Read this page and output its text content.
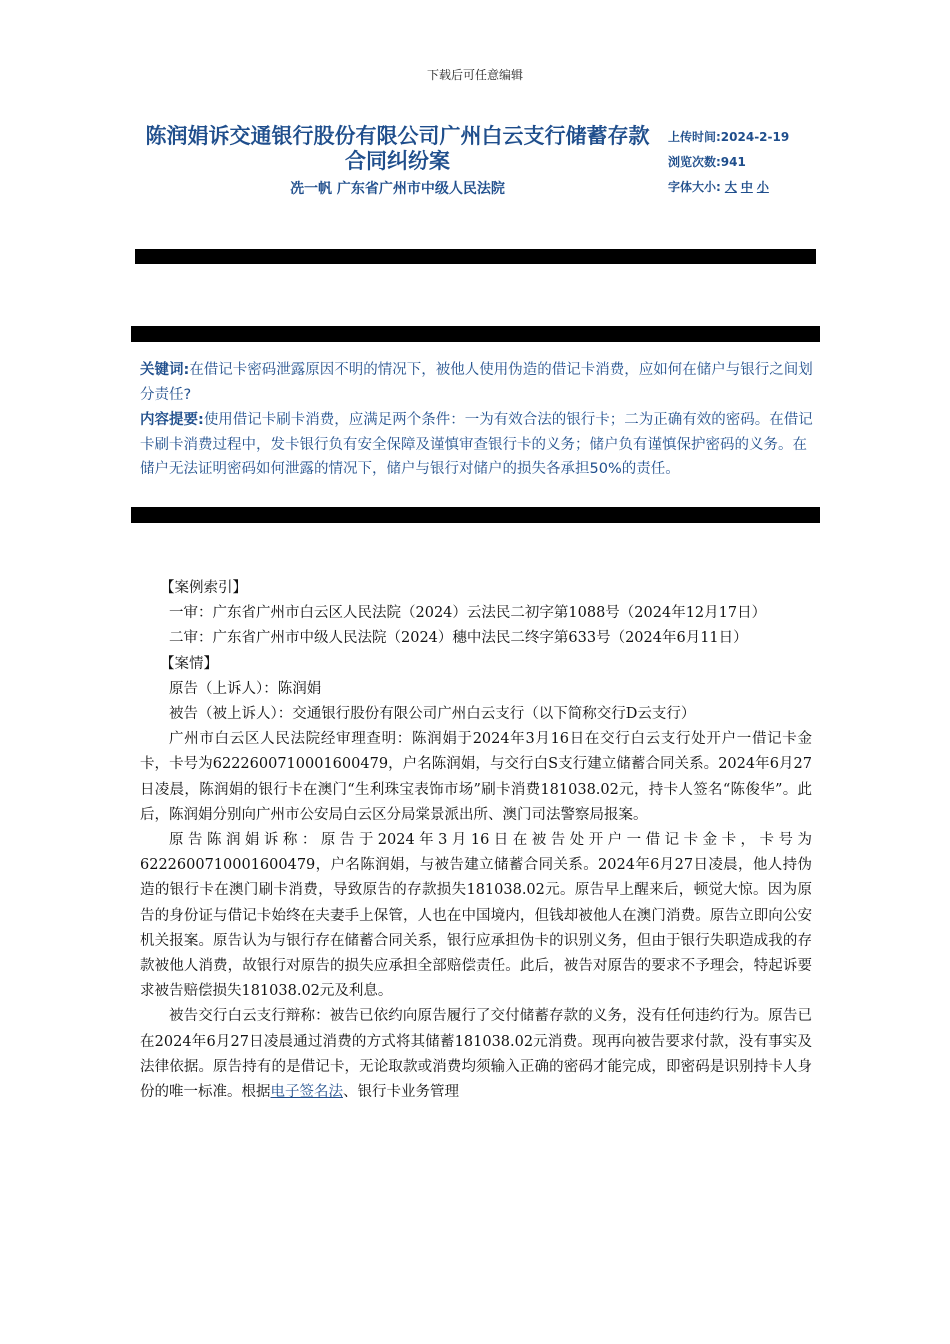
下载后可任意编辑
陈润娟诉交通银行股份有限公司广州白云支行储蓄存款合同纠纷案
冼一帆 广东省广州市中级人民法院
上传时间:2024-2-19
浏览次数:941
字体大小: 大 中 小
关键词:在借记卡密码泄露原因不明的情况下，被他人使用伪造的借记卡消费，应如何在储户与银行之间划分责任?
内容提要:使用借记卡刷卡消费，应满足两个条件：一为有效合法的银行卡；二为正确有效的密码。在借记卡刷卡消费过程中，发卡银行负有安全保障及谨慎审查银行卡的义务；储户负有谨慎保护密码的义务。在储户无法证明密码如何泄露的情况下，储户与银行对储户的损失各承担50%的责任。

【案例索引】

一审：广东省广州市白云区人民法院（2024）云法民二初字第1088号（2024年12月17日）

二审：广东省广州市中级人民法院（2024）穗中法民二终字第633号（2024年6月11日）

【案情】

原告（上诉人）：陈润娟

被告（被上诉人）：交通银行股份有限公司广州白云支行（以下简称交行D云支行）

广州市白云区人民法院经审理查明：陈润娟于2024年3月16日在交行白云支行处开户一借记卡金卡，卡号为6222600710001600479，户名陈润娟，与交行白S支行建立储蓄合同关系。2024年6月27日凌晨，陈润娟的银行卡在澳门“生利珠宝表饰市场”刷卡消费181038.02元，持卡人签名“陈俊华”。此后，陈润娟分别向广州市公安局白云区分局棠景派出所、澳门司法警察局报案。

原告陈润娟诉称：原告于2024年3月16日在被告处开户一借记卡金卡，卡号为6222600710001600479，户名陈润娟，与被告建立储蓄合同关系。2024年6月27日凌晨，他人持伪造的银行卡在澳门刷卡消费，导致原告的存款损失181038.02元。原告早上醒来后，顿觉大惊。因为原告的身份证与借记卡始终在夫妻手上保管，人也在中国境内，但钱却被他人在澳门消费。原告立即向公安机关报案。原告认为与银行存在储蓄合同关系，银行应承担伪卡的识别义务，但由于银行失职造成我的存款被他人消费，故银行对原告的损失应承担全部赔偿责任。此后，被告对原告的要求不予理会，特起诉要求被告赔偿损失181038.02元及利息。

被告交行白云支行辩称：被告已依约向原告履行了交付储蓄存款的义务，没有任何违约行为。原告已在2024年6月27日凌晨通过消费的方式将其储蓄181038.02元消费。现再向被告要求付款，没有事实及法律依据。原告持有的是借记卡，无论取款或消费均须输入正确的密码才能完成，即密码是识别持卡人身份的唯一标准。根据电子签名法、银行卡业务管理
